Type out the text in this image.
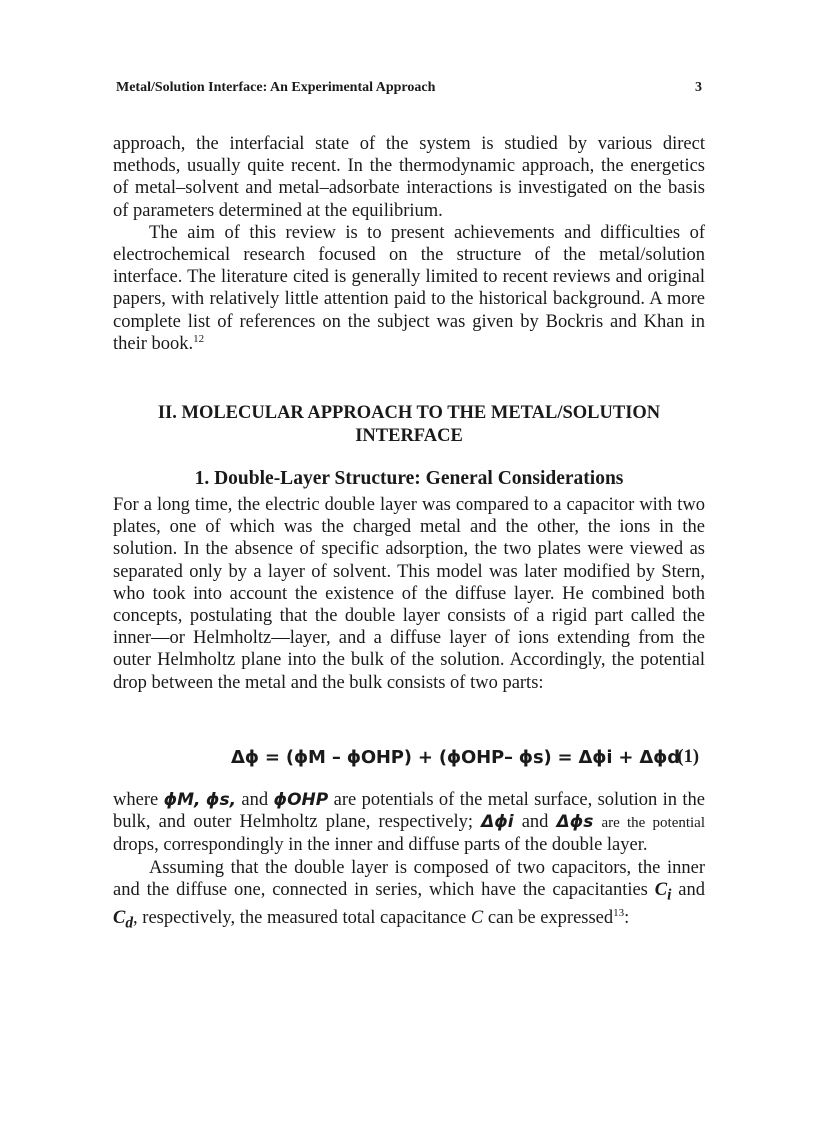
Metal/Solution Interface: An Experimental Approach	3

approach, the interfacial state of the system is studied by various direct methods, usually quite recent. In the thermodynamic approach, the energetics of metal–solvent and metal–adsorbate interactions is investigated on the basis of parameters determined at the equilibrium.

The aim of this review is to present achievements and difficulties of electrochemical research focused on the structure of the metal/solution interface. The literature cited is generally limited to recent reviews and original papers, with relatively little attention paid to the historical background. A more complete list of references on the subject was given by Bockris and Khan in their book.$^{12}$

II. MOLECULAR APPROACH TO THE METAL/SOLUTION
INTERFACE
1. Double-Layer Structure: General Considerations

For a long time, the electric double layer was compared to a capacitor with two plates, one of which was the charged metal and the other, the ions in the solution. In the absence of specific adsorption, the two plates were viewed as separated only by a layer of solvent. This model was later modified by Stern, who took into account the existence of the diffuse layer. He combined both concepts, postulating that the double layer consists of a rigid part called the inner—or Helmholtz—layer, and a diffuse layer of ions extending from the outer Helmholtz plane into the bulk of the solution. Accordingly, the potential drop between the metal and the bulk consists of two parts:

Δϕ = (ϕM – ϕOHP) + (ϕOHP– ϕs) = Δϕi + Δϕd
(1)

where ϕM, ϕs, and ϕOHP are potentials of the metal surface, solution in the bulk, and outer Helmholtz plane, respectively; Δϕi and Δϕs are the potential drops, correspondingly in the inner and diffuse parts of the double layer.

Assuming that the double layer is composed of two capacitors, the inner and the diffuse one, connected in series, which have the capacitanties $C_i$ and $C_d$, respectively, the measured total capacitance C can be expressed$^{13}$:
